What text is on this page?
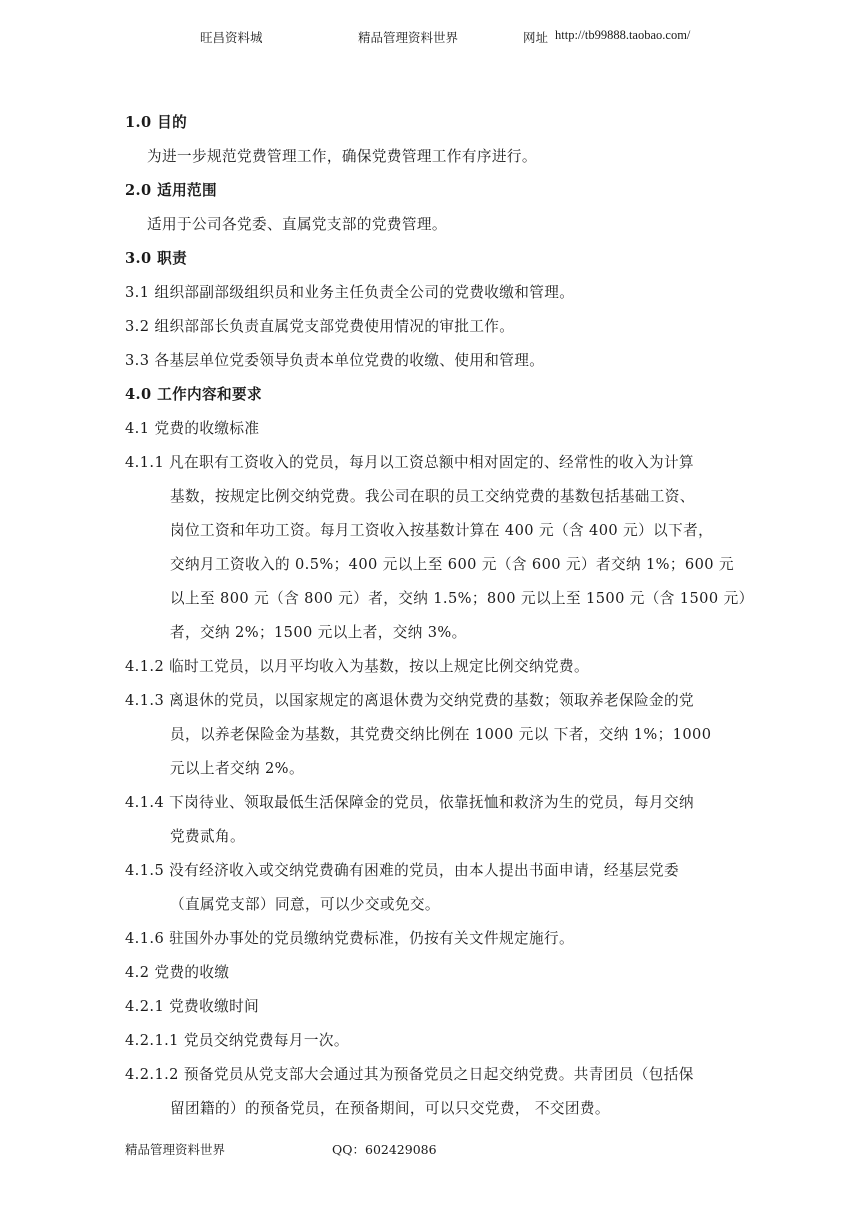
旺昌资料城	精品管理资料世界	网址 http://tb99888.taobao.com/
1.0 目的
为进一步规范党费管理工作，确保党费管理工作有序进行。
2.0 适用范围
适用于公司各党委、直属党支部的党费管理。
3.0 职责
3.1 组织部副部级组织员和业务主任负责全公司的党费收缴和管理。
3.2 组织部部长负责直属党支部党费使用情况的审批工作。
3.3 各基层单位党委领导负责本单位党费的收缴、使用和管理。
4.0 工作内容和要求
4.1 党费的收缴标准
4.1.1 凡在职有工资收入的党员，每月以工资总额中相对固定的、经常性的收入为计算
基数，按规定比例交纳党费。我公司在职的员工交纳党费的基数包括基础工资、
岗位工资和年功工资。每月工资收入按基数计算在 400 元（含 400 元）以下者，
交纳月工资收入的 0.5%；400 元以上至 600 元（含 600 元）者交纳 1%；600 元
以上至 800 元（含 800 元）者，交纳 1.5%；800 元以上至 1500 元（含 1500 元）
者，交纳 2%；1500 元以上者，交纳 3%。
4.1.2 临时工党员，以月平均收入为基数，按以上规定比例交纳党费。
4.1.3 离退休的党员，以国家规定的离退休费为交纳党费的基数；领取养老保险金的党
员，以养老保险金为基数，其党费交纳比例在 1000 元以 下者，交纳 1%；1000
元以上者交纳 2%。
4.1.4 下岗待业、领取最低生活保障金的党员，依靠抚恤和救济为生的党员，每月交纳
党费贰角。
4.1.5 没有经济收入或交纳党费确有困难的党员，由本人提出书面申请，经基层党委
（直属党支部）同意，可以少交或免交。
4.1.6 驻国外办事处的党员缴纳党费标准，仍按有关文件规定施行。
4.2 党费的收缴
4.2.1 党费收缴时间
4.2.1.1 党员交纳党费每月一次。
4.2.1.2 预备党员从党支部大会通过其为预备党员之日起交纳党费。共青团员（包括保
留团籍的）的预备党员，在预备期间，可以只交党费， 不交团费。
精品管理资料世界	QQ：602429086
